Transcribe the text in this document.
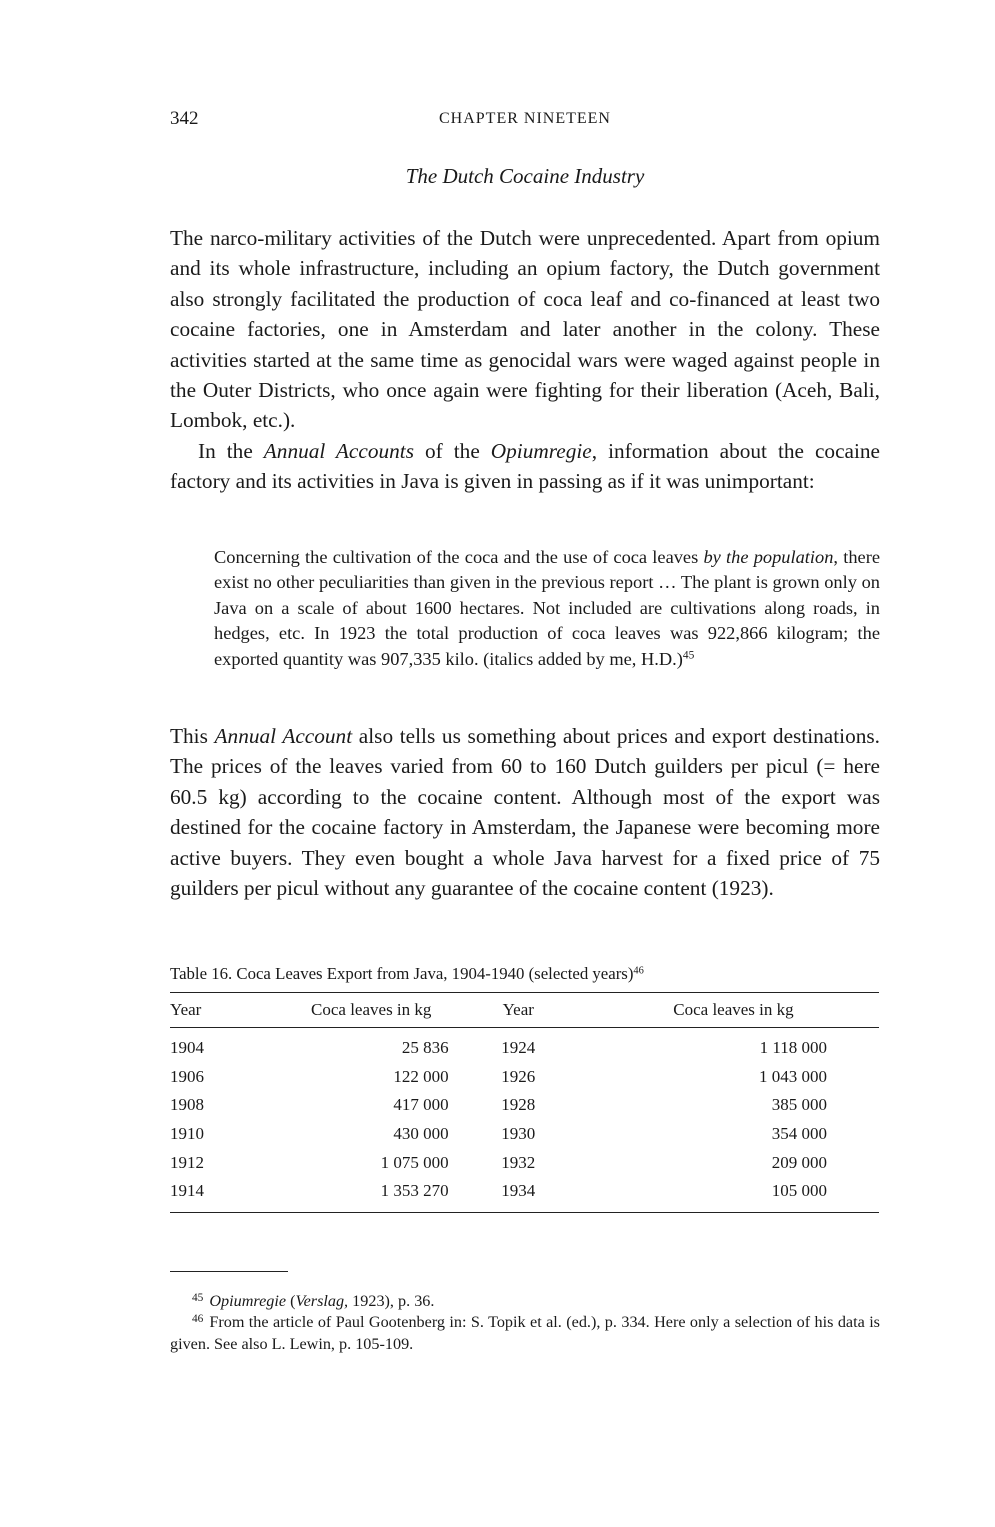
342	CHAPTER NINETEEN
The Dutch Cocaine Industry

The narco-military activities of the Dutch were unprecedented. Apart from opium and its whole infrastructure, including an opium factory, the Dutch government also strongly facilitated the production of coca leaf and co-financed at least two cocaine factories, one in Amsterdam and later another in the colony. These activities started at the same time as genocidal wars were waged against people in the Outer Districts, who once again were fighting for their liberation (Aceh, Bali, Lombok, etc.).

In the Annual Accounts of the Opiumregie, information about the cocaine factory and its activities in Java is given in passing as if it was unimportant:

Concerning the cultivation of the coca and the use of coca leaves by the population, there exist no other peculiarities than given in the previous report … The plant is grown only on Java on a scale of about 1600 hectares. Not included are cultivations along roads, in hedges, etc. In 1923 the total production of coca leaves was 922,866 kilogram; the exported quantity was 907,335 kilo. (italics added by me, H.D.)$^{45}$

This Annual Account also tells us something about prices and export destinations. The prices of the leaves varied from 60 to 160 Dutch guilders per picul (= here 60.5 kg) according to the cocaine content. Although most of the export was destined for the cocaine factory in Amsterdam, the Japanese were becoming more active buyers. They even bought a whole Java harvest for a fixed price of 75 guilders per picul without any guarantee of the cocaine content (1923).

Table 16. Coca Leaves Export from Java, 1904-1940 (selected years)$^{46}$
Year	Coca leaves in kg	Year	Coca leaves in kg
1904	25 836	1924	1 118 000
1906	122 000	1926	1 043 000
1908	417 000	1928	385 000
1910	430 000	1930	354 000
1912	1 075 000	1932	209 000
1914	1 353 270	1934	105 000

$^{45}$ Opiumregie (Verslag, 1923), p. 36.

$^{46}$ From the article of Paul Gootenberg in: S. Topik et al. (ed.), p. 334. Here only a selection of his data is given. See also L. Lewin, p. 105-109.
